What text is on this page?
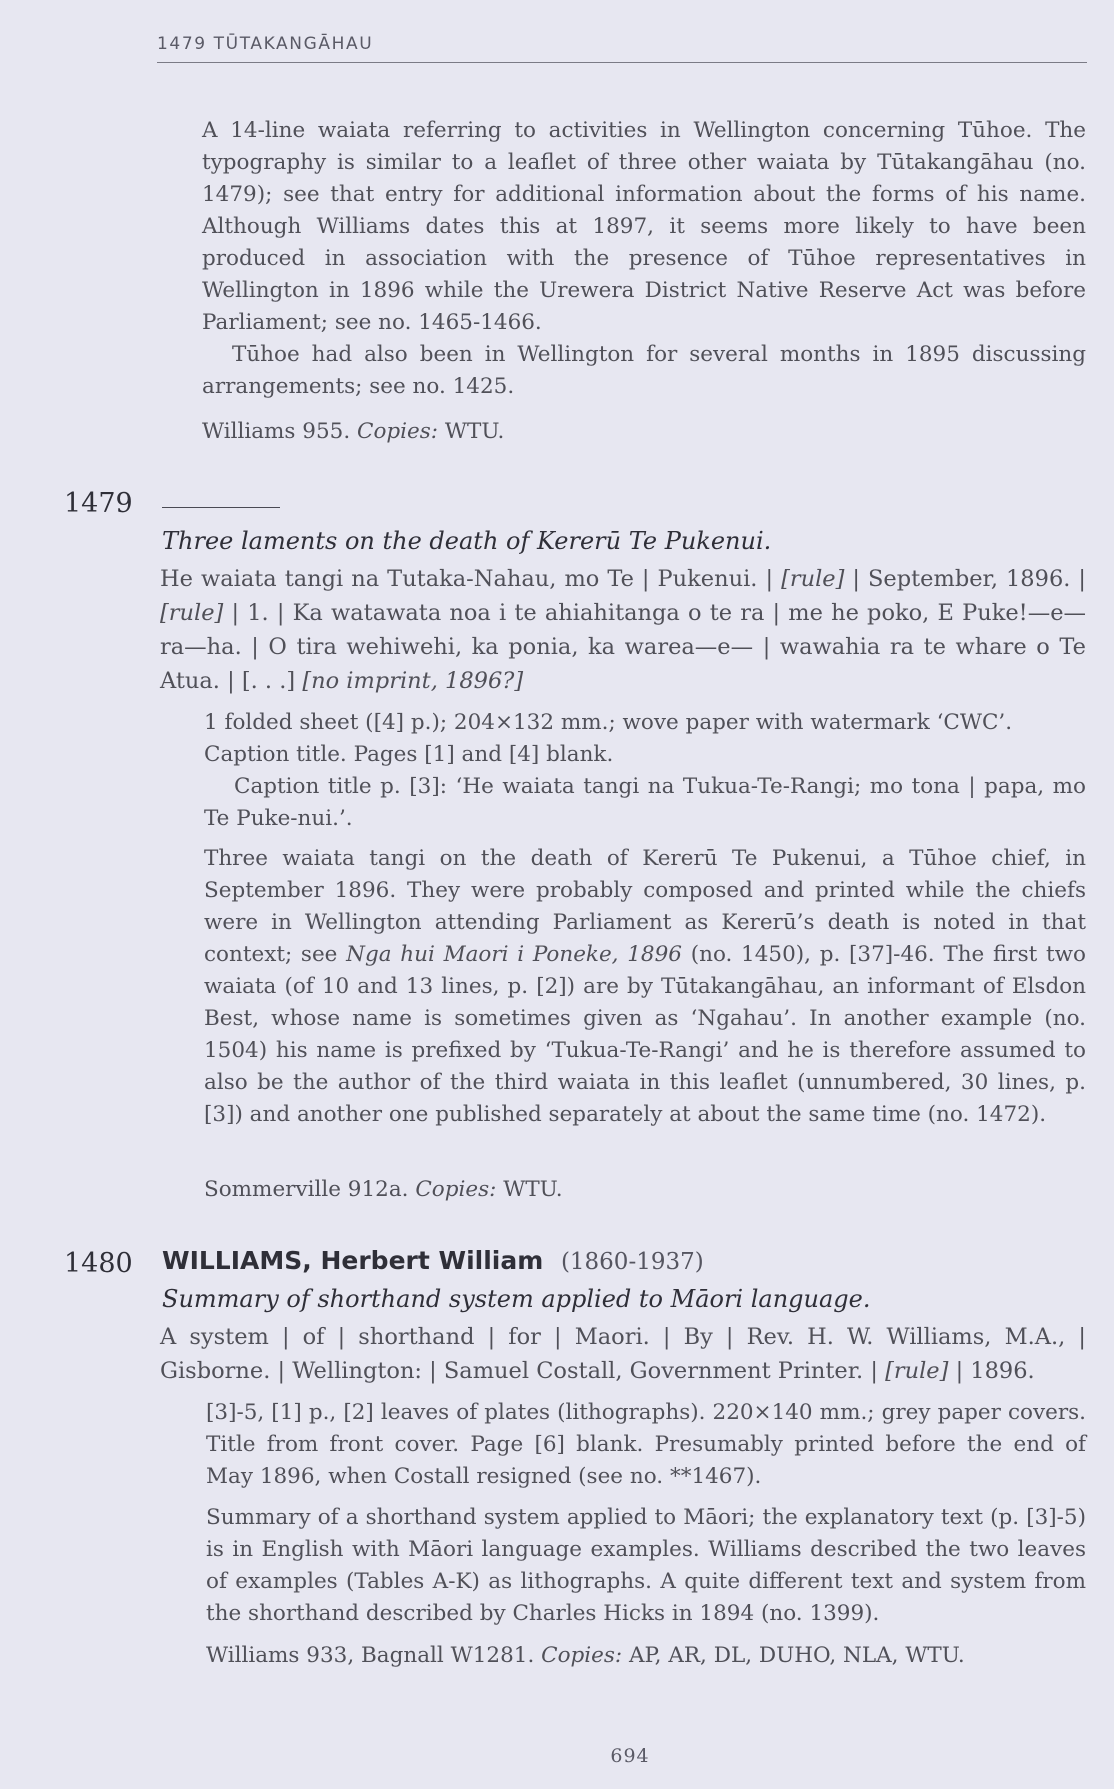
1479 TŪTAKANGĀHAU

A 14-line waiata referring to activities in Wellington concerning Tūhoe. The typography is similar to a leaflet of three other waiata by Tūtakangāhau (no. 1479); see that entry for additional information about the forms of his name. Although Williams dates this at 1897, it seems more likely to have been produced in association with the presence of Tūhoe representatives in Wellington in 1896 while the Urewera District Native Reserve Act was before Parliament; see no. 1465-1466.

Tūhoe had also been in Wellington for several months in 1895 discussing arrangements; see no. 1425.

Williams 955. Copies: WTU.
1479
Three laments on the death of Kererū Te Pukenui.
He waiata tangi na Tutaka-Nahau, mo Te | Pukenui. | [rule] | September, 1896. | [rule] | 1. | Ka watawata noa i te ahiahitanga o te ra | me he poko, E Puke!—e—ra—ha. | O tira wehiwehi, ka ponia, ka warea—e— | wawahia ra te whare o Te Atua. | [. . .] [no imprint, 1896?]

1 folded sheet ([4] p.); 204×132 mm.; wove paper with watermark ‘CWC’.

Caption title. Pages [1] and [4] blank.

Caption title p. [3]: ‘He waiata tangi na Tukua-Te-Rangi; mo tona | papa, mo Te Puke-nui.’.

Three waiata tangi on the death of Kererū Te Pukenui, a Tūhoe chief, in September 1896. They were probably composed and printed while the chiefs were in Wellington attending Parliament as Kererū’s death is noted in that context; see Nga hui Maori i Poneke, 1896 (no. 1450), p. [37]-46. The first two waiata (of 10 and 13 lines, p. [2]) are by Tūtakangāhau, an informant of Elsdon Best, whose name is sometimes given as ‘Ngahau’. In another example (no. 1504) his name is prefixed by ‘Tukua-Te-Rangi’ and he is therefore assumed to also be the author of the third waiata in this leaflet (unnumbered, 30 lines, p. [3]) and another one published separately at about the same time (no. 1472).
Sommerville 912a. Copies: WTU.
1480 WILLIAMS, Herbert William (1860-1937)
Summary of shorthand system applied to Māori language.
A system | of | shorthand | for | Maori. | By | Rev. H. W. Williams, M.A., | Gisborne. | Wellington: | Samuel Costall, Government Printer. | [rule] | 1896.

[3]-5, [1] p., [2] leaves of plates (lithographs). 220×140 mm.; grey paper covers. Title from front cover. Page [6] blank. Presumably printed before the end of May 1896, when Costall resigned (see no. **1467).

Summary of a shorthand system applied to Māori; the explanatory text (p. [3]-5) is in English with Māori language examples. Williams described the two leaves of examples (Tables A-K) as lithographs. A quite different text and system from the shorthand described by Charles Hicks in 1894 (no. 1399).

Williams 933, Bagnall W1281. Copies: AP, AR, DL, DUHO, NLA, WTU.
694
